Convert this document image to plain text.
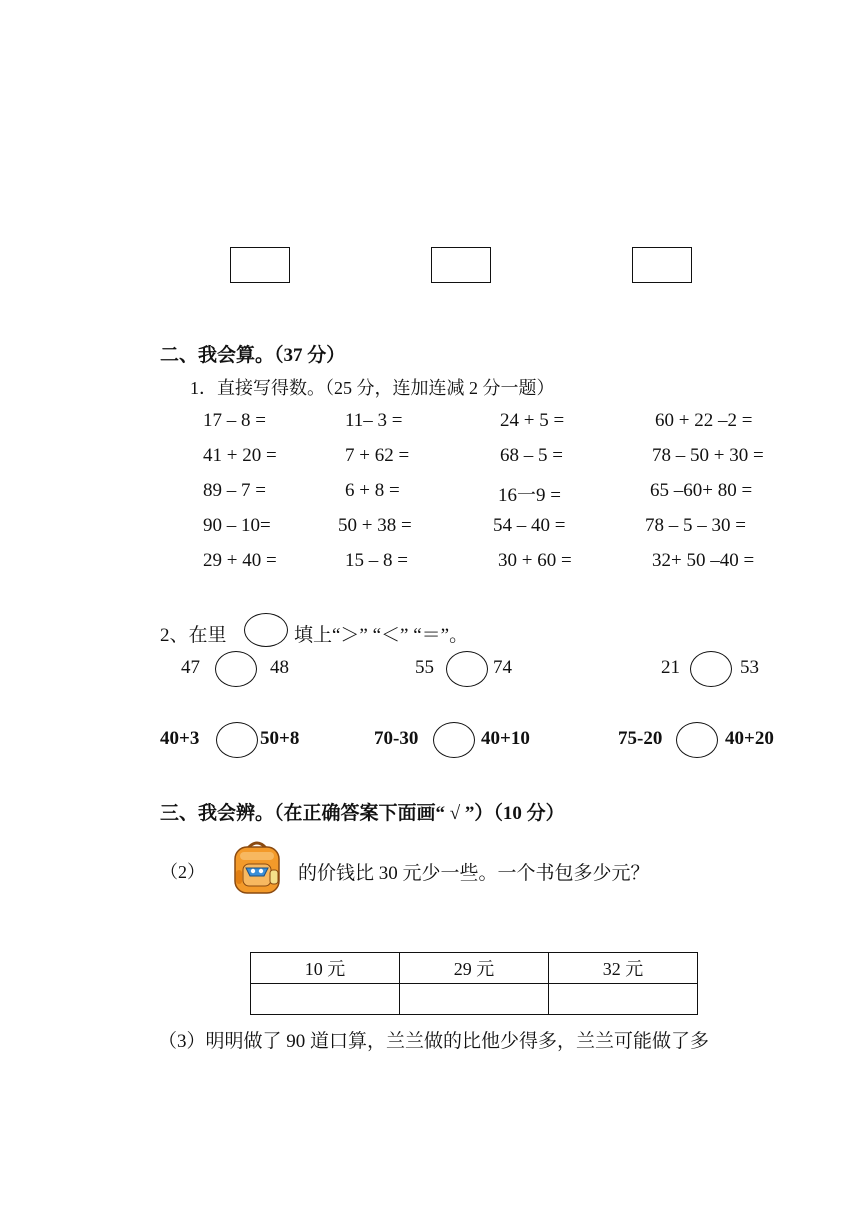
二、我会算。（37 分）
1．直接写得数。（25 分，连加连减 2 分一题）
17 – 8 =	11– 3 =	24 + 5 =	60 + 22 –2 =
41 + 20 =	7 + 62 =	68 – 5 =	78 – 50 + 30 =
89 – 7 =	6 + 8 =	16一9 =	65 –60+ 80 =
90 – 10=	50 + 38 =	54 – 40 =	78 – 5 – 30 =
29 + 40 =	15 – 8 =	30 + 60 =	32+ 50 –40 =
2、在里	填上“＞” “＜” “＝”。
47	48	55	74	21	53
40+3	50+8	70-30	40+10	75-20	40+20
三、我会辨。（在正确答案下面画“ √ ”）（10 分）
（2）	的价钱比 30 元少一些。一个书包多少元？
10 元	29 元	32 元

（3）明明做了 90 道口算，兰兰做的比他少得多，兰兰可能做了多
